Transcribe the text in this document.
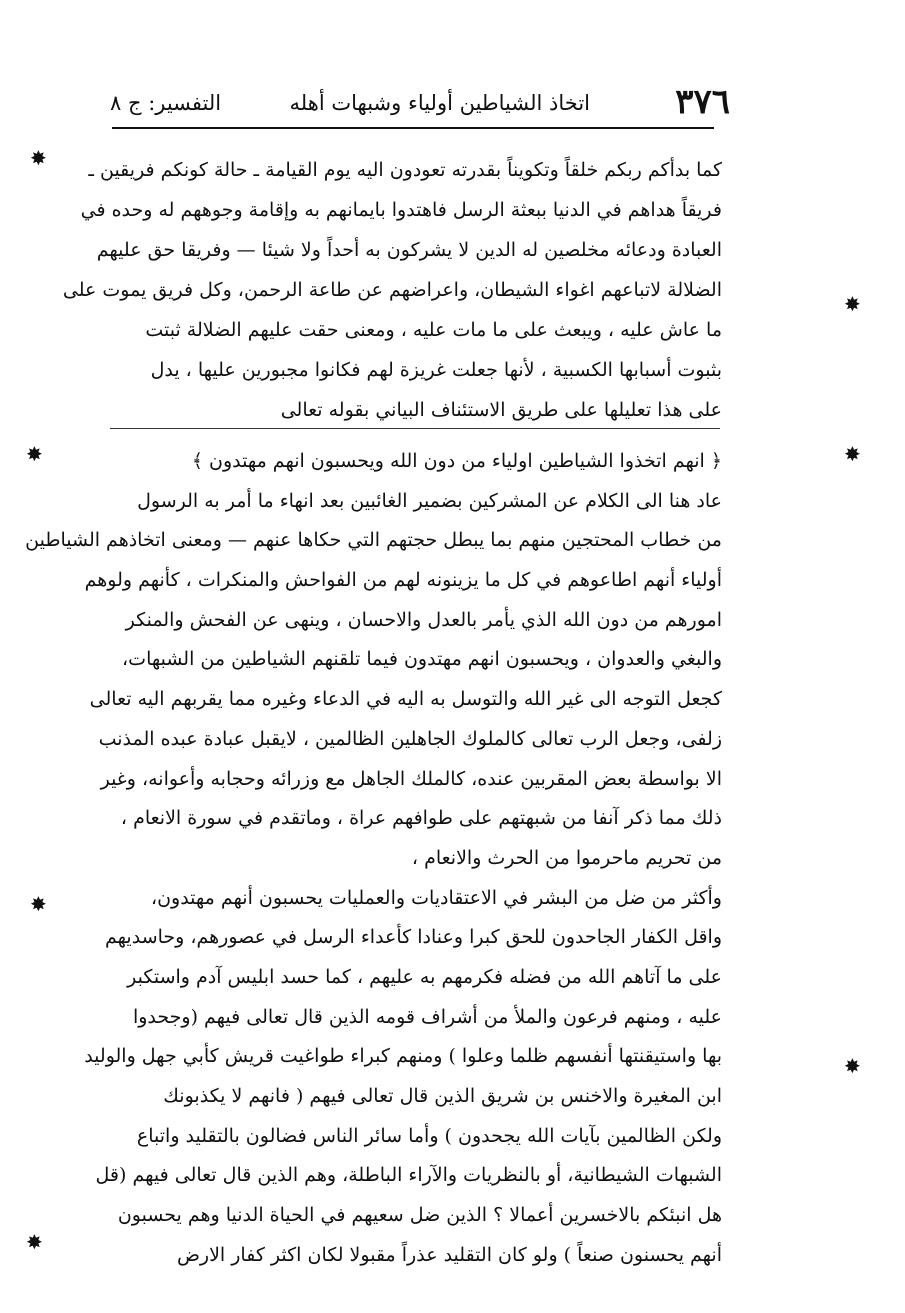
٣٧٦
اتخاذ الشياطين أولياء وشبهات أهله
التفسير: ج ٨
كما بدأكم ربكم خلقاً وتكويناً بقدرته تعودون اليه يوم القيامة ـ حالة كونكم فريقين ـ
فريقاً هداهم في الدنيا ببعثة الرسل فاهتدوا بايمانهم به وإقامة وجوههم له وحده في
العبادة ودعائه مخلصين له الدين لا يشركون به أحداً ولا شيئا — وفريقا حق عليهم
الضلالة لاتباعهم اغواء الشيطان، واعراضهم عن طاعة الرحمن، وكل فريق يموت على
ما عاش عليه ، ويبعث على ما مات عليه ، ومعنى حقت عليهم الضلالة ثبتت
بثبوت أسبابها الكسبية ، لأنها جعلت غريزة لهم فكانوا مجبورين عليها ، يدل
على هذا تعليلها على طريق الاستئناف البياني بقوله تعالى
﴿ انهم اتخذوا الشياطين اولياء من دون الله ويحسبون انهم مهتدون ﴾
عاد هنا الى الكلام عن المشركين بضمير الغائبين بعد انهاء ما أمر به الرسول
من خطاب المحتجين منهم بما يبطل حجتهم التي حكاها عنهم — ومعنى اتخاذهم الشياطين
أولياء أنهم اطاعوهم في كل ما يزينونه لهم من الفواحش والمنكرات ، كأنهم ولوهم
امورهم من دون الله الذي يأمر بالعدل والاحسان ، وينهى عن الفحش والمنكر
والبغي والعدوان ، ويحسبون انهم مهتدون فيما تلقنهم الشياطين من الشبهات،
كجعل التوجه الى غير الله والتوسل به اليه في الدعاء وغيره مما يقربهم اليه تعالى
زلفى، وجعل الرب تعالى كالملوك الجاهلين الظالمين ، لايقبل عبادة عبده المذنب
الا بواسطة بعض المقربين عنده، كالملك الجاهل مع وزرائه وحجابه وأعوانه، وغير
ذلك مما ذكر آنفا من شبهتهم على طوافهم عراة ، وماتقدم في سورة الانعام ،
من تحريم ماحرموا من الحرث والانعام ،
وأكثر من ضل من البشر في الاعتقاديات والعمليات يحسبون أنهم مهتدون،
واقل الكفار الجاحدون للحق كبرا وعنادا كأعداء الرسل في عصورهم، وحاسديهم
على ما آتاهم الله من فضله فكرمهم به عليهم ، كما حسد ابليس آدم واستكبر
عليه ، ومنهم فرعون والملأ من أشراف قومه الذين قال تعالى فيهم (وجحدوا
بها واستيقنتها أنفسهم ظلما وعلوا ) ومنهم كبراء طواغيت قريش كأبي جهل والوليد
ابن المغيرة والاخنس بن شريق الذين قال تعالى فيهم ( فانهم لا يكذبونك
ولكن الظالمين بآيات الله يجحدون ) وأما سائر الناس فضالون بالتقليد واتباع
الشبهات الشيطانية، أو بالنظريات والآراء الباطلة، وهم الذين قال تعالى فيهم (قل
هل انبئكم بالاخسرين أعمالا ؟ الذين ضل سعيهم في الحياة الدنيا وهم يحسبون
أنهم يحسنون صنعاً ) ولو كان التقليد عذراً مقبولا لكان اكثر كفار الارض
✸
✸
✸	✸
✸
✸
✸
